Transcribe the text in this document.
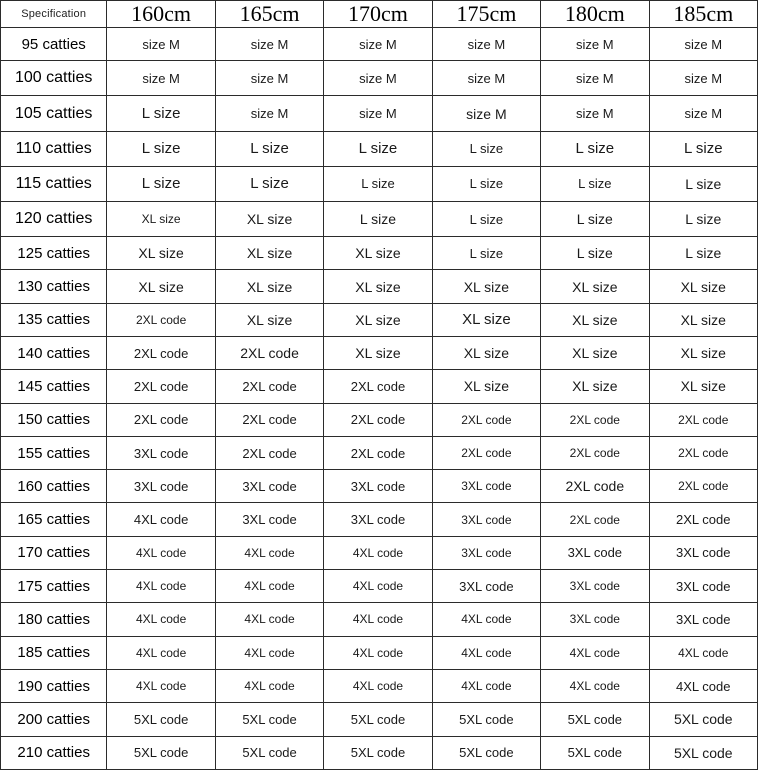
Specification	160cm	165cm	170cm	175cm	180cm	185cm
95 catties	size M	size M	size M	size M	size M	size M
100 catties	size M	size M	size M	size M	size M	size M
105 catties	L size	size M	size M	size M	size M	size M
110 catties	L size	L size	L size	L size	L size	L size
115 catties	L size	L size	L size	L size	L size	L size
120 catties	XL size	XL size	L size	L size	L size	L size
125 catties	XL size	XL size	XL size	L size	L size	L size
130 catties	XL size	XL size	XL size	XL size	XL size	XL size
135 catties	2XL code	XL size	XL size	XL size	XL size	XL size
140 catties	2XL code	2XL code	XL size	XL size	XL size	XL size
145 catties	2XL code	2XL code	2XL code	XL size	XL size	XL size
150 catties	2XL code	2XL code	2XL code	2XL code	2XL code	2XL code
155 catties	3XL code	2XL code	2XL code	2XL code	2XL code	2XL code
160 catties	3XL code	3XL code	3XL code	3XL code	2XL code	2XL code
165 catties	4XL code	3XL code	3XL code	3XL code	2XL code	2XL code
170 catties	4XL code	4XL code	4XL code	3XL code	3XL code	3XL code
175 catties	4XL code	4XL code	4XL code	3XL code	3XL code	3XL code
180 catties	4XL code	4XL code	4XL code	4XL code	3XL code	3XL code
185 catties	4XL code	4XL code	4XL code	4XL code	4XL code	4XL code
190 catties	4XL code	4XL code	4XL code	4XL code	4XL code	4XL code
200 catties	5XL code	5XL code	5XL code	5XL code	5XL code	5XL code
210 catties	5XL code	5XL code	5XL code	5XL code	5XL code	5XL code
